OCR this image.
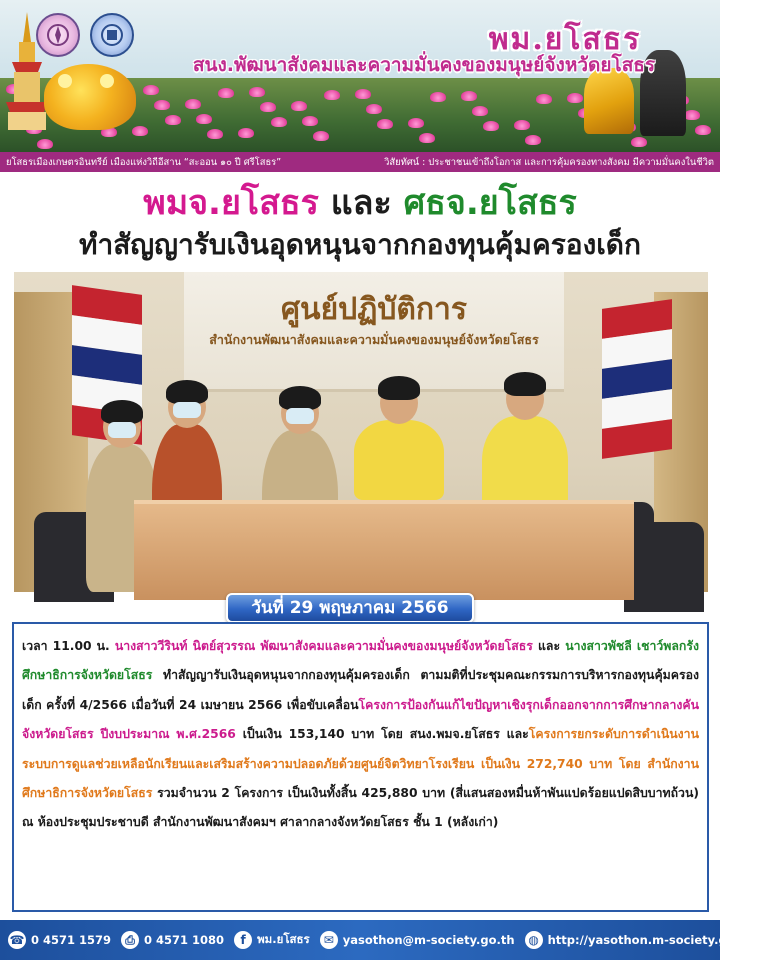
พม.ยโสธร
สนง.พัฒนาสังคมและความมั่นคงของมนุษย์จังหวัดยโสธร
ยโสธรเมืองเกษตรอินทรีย์ เมืองแห่งวิถีอีสาน “สะออน ๑๐ ปี ศรีโสธร”	วิสัยทัศน์ : ประชาชนเข้าถึงโอกาส และการคุ้มครองทางสังคม มีความมั่นคงในชีวิต
พมจ.ยโสธร และ ศธจ.ยโสธร
ทำสัญญารับเงินอุดหนุนจากกองทุนคุ้มครองเด็ก
ศูนย์ปฏิบัติการ
สำนักงานพัฒนาสังคมและความมั่นคงของมนุษย์จังหวัดยโสธร
วันที่ 29 พฤษภาคม 2566

เวลา 11.00 น. นางสาววีรินท์ นิตย์สุวรรณ พัฒนาสังคมและความมั่นคงของมนุษย์จังหวัดยโสธร และ นางสาวพัชลี เชาว์พลกรัง ศึกษาธิการจังหวัดยโสธร ทำสัญญารับเงินอุดหนุนจากกองทุนคุ้มครองเด็ก ตามมติที่ประชุมคณะกรรมการบริหารกองทุนคุ้มครองเด็ก ครั้งที่ 4/2566 เมื่อวันที่ 24 เมษายน 2566 เพื่อขับเคลื่อนโครงการป้องกันแก้ไขปัญหาเชิงรุกเด็กออกจากการศึกษากลางคันจังหวัดยโสธร ปีงบประมาณ พ.ศ.2566 เป็นเงิน 153,140 บาท โดย สนง.พมจ.ยโสธร และโครงการยกระดับการดำเนินงานระบบการดูแลช่วยเหลือนักเรียนและเสริมสร้างความปลอดภัยด้วยศูนย์จิตวิทยาโรงเรียน เป็นเงิน 272,740 บาท โดย สำนักงานศึกษาธิการจังหวัดยโสธร รวมจำนวน 2 โครงการ เป็นเงินทั้งสิ้น 425,880 บาท (สี่แสนสองหมื่นห้าพันแปดร้อยแปดสิบบาทถ้วน) ณ ห้องประชุมประชาบดี สำนักงานพัฒนาสังคมฯ ศาลากลางจังหวัดยโสธร ชั้น 1 (หลังเก่า)

☎ 0 4571 1579	⎙ 0 4571 1080	f พม.ยโสธร	✉ yasothon@m-society.go.th	◍ http://yasothon.m-society.go.th/
